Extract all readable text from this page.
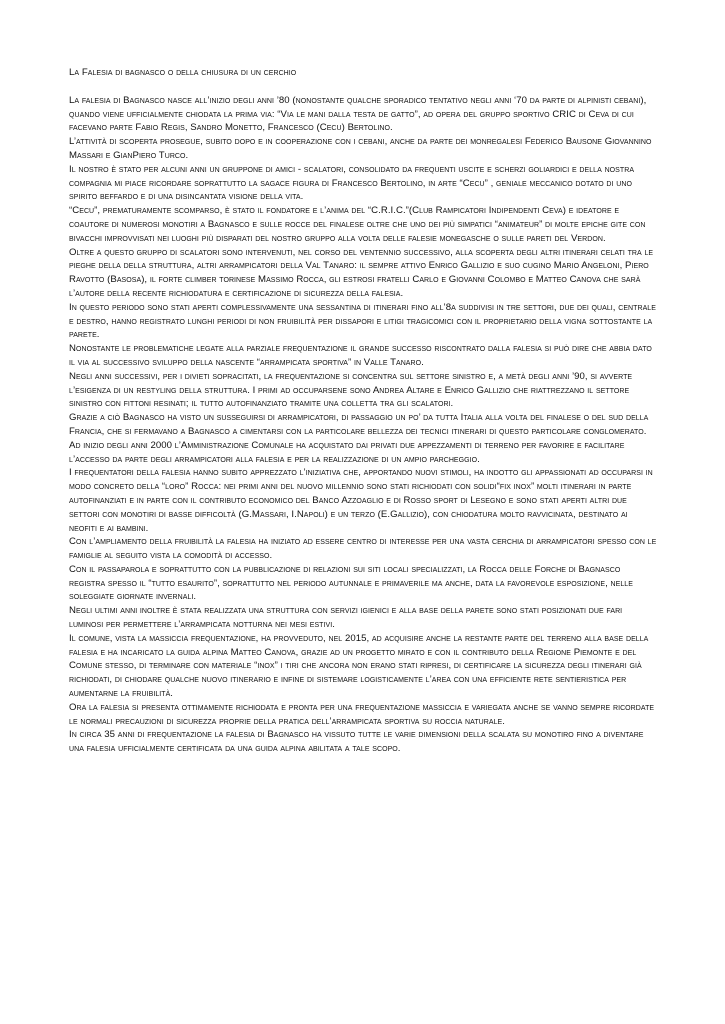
La Falesia di bagnasco o della chiusura di un cerchio

La falesia di Bagnasco nasce all’inizio degli anni ’80 (nonostante qualche sporadico tentativo negli anni ‘70 da parte di alpinisti cebani), quando viene ufficialmente chiodata la prima via: “Via le mani dalla testa de gatto”, ad opera del gruppo sportivo CRIC di Ceva di cui facevano parte Fabio Regis, Sandro Monetto, Francesco (Cecu) Bertolino.

L’attività di scoperta prosegue, subito dopo e in cooperazione con i cebani, anche da parte dei monregalesi Federico Bausone Giovannino Massari e GianPiero Turco.

Il nostro è stato per alcuni anni un gruppone di amici - scalatori, consolidato da frequenti uscite e scherzi goliardici e della nostra compagnia mi piace ricordare soprattutto la sagace figura di Francesco Bertolino, in arte “Cecu” , geniale meccanico dotato di uno spirito beffardo e di una disincantata visione della vita.

“Cecu”, prematuramente scomparso, è stato il fondatore e l’anima del “C.R.I.C.”(Club Rampicatori Indipendenti Ceva) e ideatore e coautore di numerosi monotiri a Bagnasco e sulle rocce del finalese oltre che uno dei più simpatici “animateur” di molte epiche gite con bivacchi improvvisati nei luoghi più disparati del nostro gruppo alla volta delle falesie monegasche o sulle pareti del Verdon.

Oltre a questo gruppo di scalatori sono intervenuti, nel corso del ventennio successivo, alla scoperta degli altri itinerari celati tra le pieghe della della struttura, altri arrampicatori della Val Tanaro: il sempre attivo Enrico Gallizio e suo cugino Mario Angeloni, Piero Ravotto (Basosa), il forte climber torinese Massimo Rocca, gli estrosi fratelli Carlo e Giovanni Colombo e Matteo Canova che sarà l’autore della recente richiodatura e certificazione di sicurezza della falesia.

In questo periodo sono stati aperti complessivamente una sessantina di itinerari fino all’8a suddivisi in tre settori, due dei quali, centrale e destro, hanno registrato lunghi periodi di non fruibilità per dissapori e litigi tragicomici con il proprietario della vigna sottostante la parete.

Nonostante le problematiche legate alla parziale frequentazione il grande successo riscontrato dalla falesia si può dire che abbia dato il via al successivo sviluppo della nascente “arrampicata sportiva” in Valle Tanaro.

Negli anni successivi, per i divieti sopracitati, la frequentazione si concentra sul settore sinistro e, a metà degli anni ’90, si avverte l’esigenza di un restyling della struttura. I primi ad occuparsene sono Andrea Altare e Enrico Gallizio che riattrezzano il settore sinistro con fittoni resinati; il tutto autofinanziato tramite una colletta tra gli scalatori.

Grazie a ciò Bagnasco ha visto un susseguirsi di arrampicatori, di passaggio un po’ da tutta Italia alla volta del finalese o del sud della Francia, che si fermavano a Bagnasco a cimentarsi con la particolare bellezza dei tecnici itinerari di questo particolare conglomerato.

Ad inizio degli anni 2000 l’Amministrazione Comunale ha acquistato dai privati due appezzamenti di terreno per favorire e facilitare l’accesso da parte degli arrampicatori alla falesia e per la realizzazione di un ampio parcheggio.

I frequentatori della falesia hanno subito apprezzato l’iniziativa che, apportando nuovi stimoli, ha indotto gli appassionati ad occuparsi in modo concreto della “loro” Rocca: nei primi anni del nuovo millennio sono stati richiodati con solidi“fix inox” molti itinerari in parte autofinanziati e in parte con il contributo economico del Banco Azzoaglio e di Rosso sport di Lesegno e sono stati aperti altri due settori con monotiri di basse difficoltà (G.Massari, I.Napoli) e un terzo (E.Gallizio), con chiodatura molto ravvicinata, destinato ai neofiti e ai bambini.

Con l’ampliamento della fruibilità la falesia ha iniziato ad essere centro di interesse per una vasta cerchia di arrampicatori spesso con le famiglie al seguito vista la comodità di accesso.

Con il passaparola e soprattutto con la pubblicazione di relazioni sui siti locali specializzati, la Rocca delle Forche di Bagnasco registra spesso il “tutto esaurito”, soprattutto nel periodo autunnale e primaverile ma anche, data la favorevole esposizione, nelle soleggiate giornate invernali.

Negli ultimi anni inoltre è stata realizzata una struttura con servizi igienici e alla base della parete sono stati posizionati due fari luminosi per permettere l’arrampicata notturna nei mesi estivi.

Il comune, vista la massiccia frequentazione, ha provveduto, nel 2015, ad acquisire anche la restante parte del terreno alla base della falesia e ha incaricato la guida alpina Matteo Canova, grazie ad un progetto mirato e con il contributo della Regione Piemonte e del Comune stesso, di terminare con materiale “inox” i tiri che ancora non erano stati ripresi, di certificare la sicurezza degli itinerari già richiodati, di chiodare qualche nuovo itinerario e infine di sistemare logisticamente l’area con una efficiente rete sentieristica per aumentarne la fruibilità.

Ora la falesia si presenta ottimamente richiodata e pronta per una frequentazione massiccia e variegata anche se vanno sempre ricordate le normali precauzioni di sicurezza proprie della pratica dell’arrampicata sportiva su roccia naturale.

In circa 35 anni di frequentazione la falesia di Bagnasco ha vissuto tutte le varie dimensioni della scalata su monotiro fino a diventare una falesia ufficialmente certificata da una guida alpina abilitata a tale scopo.
